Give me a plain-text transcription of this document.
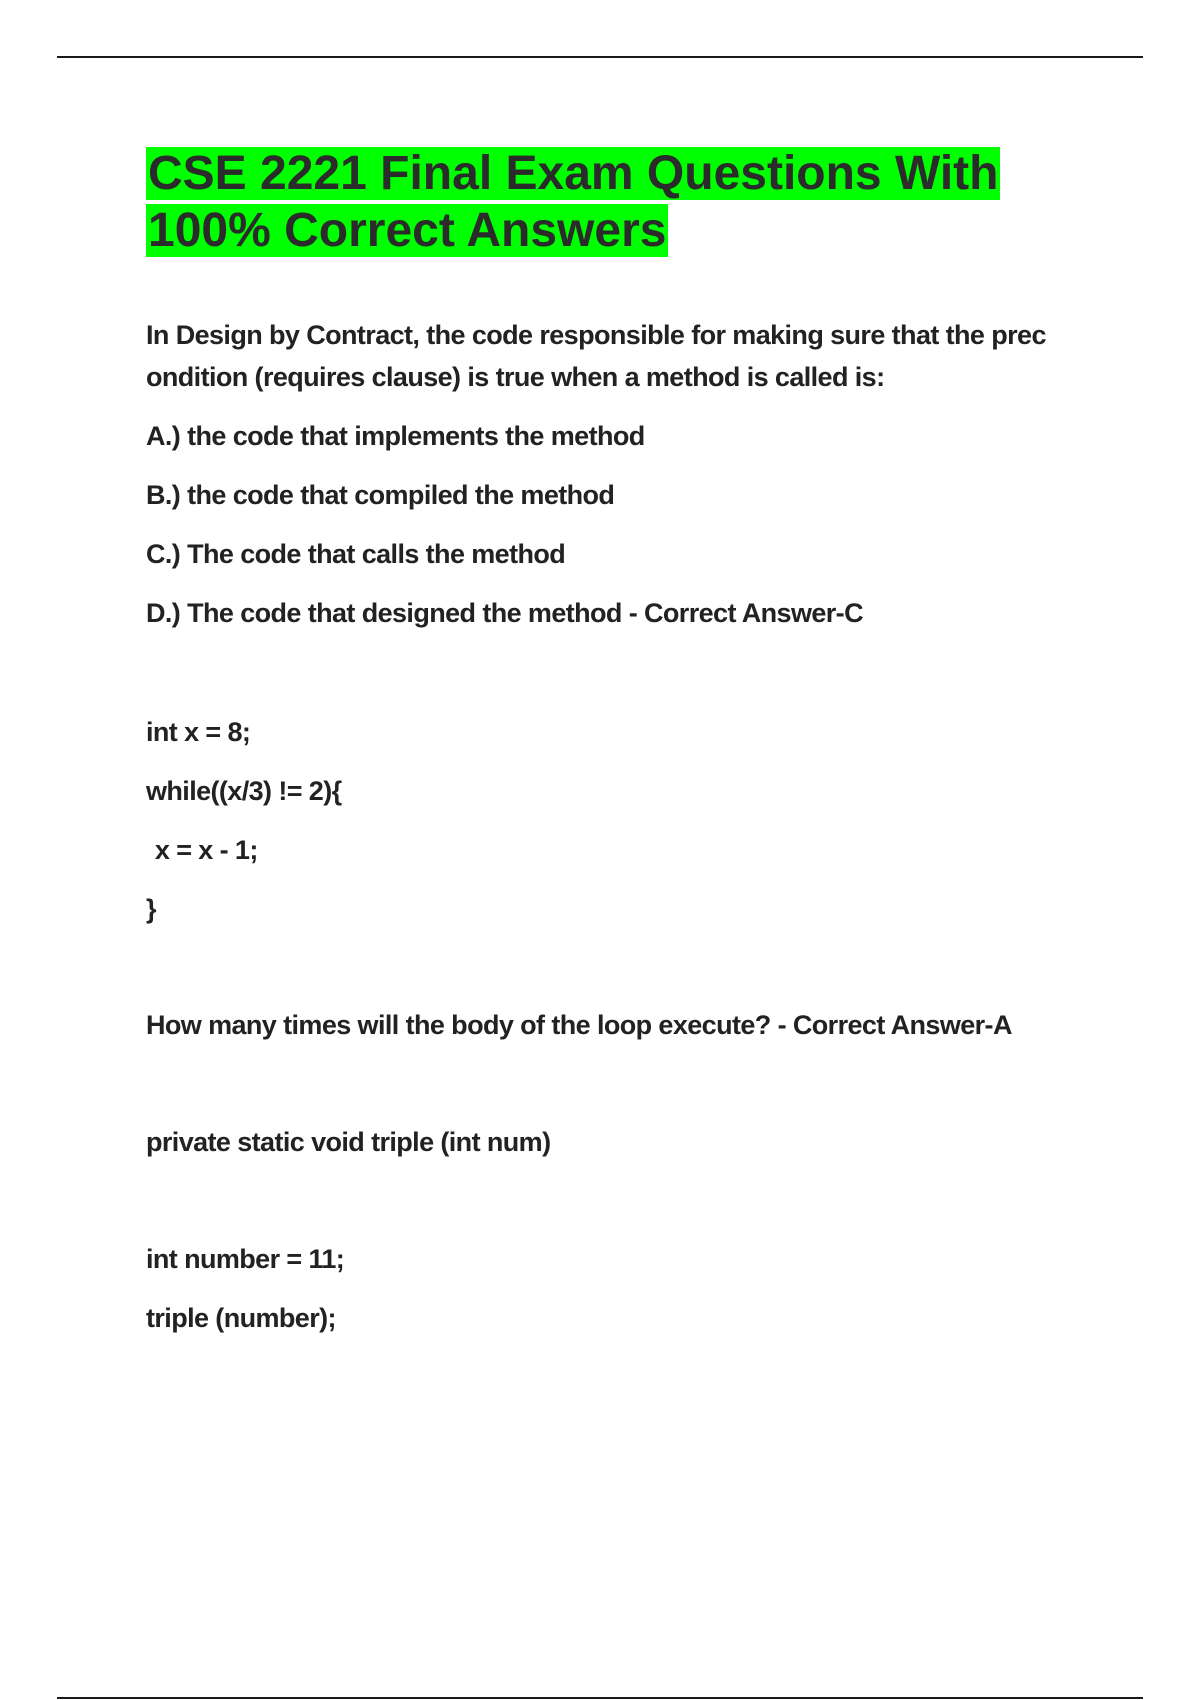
CSE 2221 Final Exam Questions With
100% Correct Answers

In Design by Contract, the code responsible for making sure that the prec
ondition (requires clause) is true when a method is called is:

A.) the code that implements the method

B.) the code that compiled the method

C.) The code that calls the method

D.) The code that designed the method - Correct Answer-C

int x = 8;

while((x/3) != 2){

x = x - 1;

}

How many times will the body of the loop execute? - Correct Answer-A

private static void triple (int num)

int number = 11;

triple (number);
